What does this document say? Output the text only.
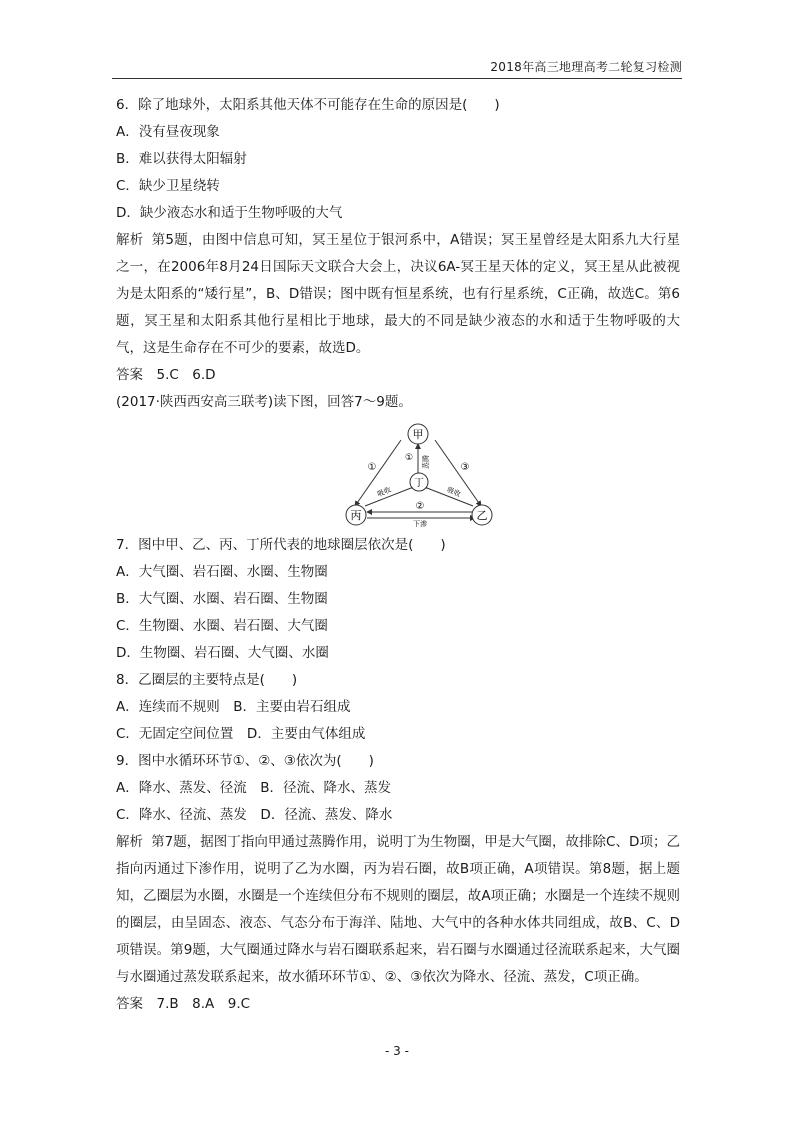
2018年高三地理高考二轮复习检测
6．除了地球外，太阳系其他天体不可能存在生命的原因是(　　)
A．没有昼夜现象
B．难以获得太阳辐射
C．缺少卫星绕转
D．缺少液态水和适于生物呼吸的大气

解析 第5题，由图中信息可知，冥王星位于银河系中，A错误；冥王星曾经是太阳系九大行星之一，在2006年8月24日国际天文联合大会上，决议6A-冥王星天体的定义，冥王星从此被视为是太阳系的“矮行星”，B、D错误；图中既有恒星系统，也有行星系统，C正确，故选C。第6题，冥王星和太阳系其他行星相比于地球，最大的不同是缺少液态的水和适于生物呼吸的大气，这是生命存在不可少的要素，故选D。

答案　5.C　6.D
(2017·陕西西安高三联考)读下图，回答7～9题。
甲
丁
丙	乙
①
①
③
②
蒸腾
吸收	吸收
下渗
7．图中甲、乙、丙、丁所代表的地球圈层依次是(　　)
A．大气圈、岩石圈、水圈、生物圈
B．大气圈、水圈、岩石圈、生物圈
C．生物圈、水圈、岩石圈、大气圈
D．生物圈、岩石圈、大气圈、水圈
8．乙圈层的主要特点是(　　)
A．连续而不规则　B．主要由岩石组成
C．无固定空间位置　D．主要由气体组成
9．图中水循环环节①、②、③依次为(　　)
A．降水、蒸发、径流　B．径流、降水、蒸发
C．降水、径流、蒸发　D．径流、蒸发、降水

解析 第7题，据图丁指向甲通过蒸腾作用，说明丁为生物圈，甲是大气圈，故排除C、D项；乙指向丙通过下渗作用，说明了乙为水圈，丙为岩石圈，故B项正确，A项错误。第8题，据上题知，乙圈层为水圈，水圈是一个连续但分布不规则的圈层，故A项正确；水圈是一个连续不规则的圈层，由呈固态、液态、气态分布于海洋、陆地、大气中的各种水体共同组成，故B、C、D项错误。第9题，大气圈通过降水与岩石圈联系起来，岩石圈与水圈通过径流联系起来，大气圈与水圈通过蒸发联系起来，故水循环环节①、②、③依次为降水、径流、蒸发，C项正确。

答案　7.B　8.A　9.C
- 3 -
